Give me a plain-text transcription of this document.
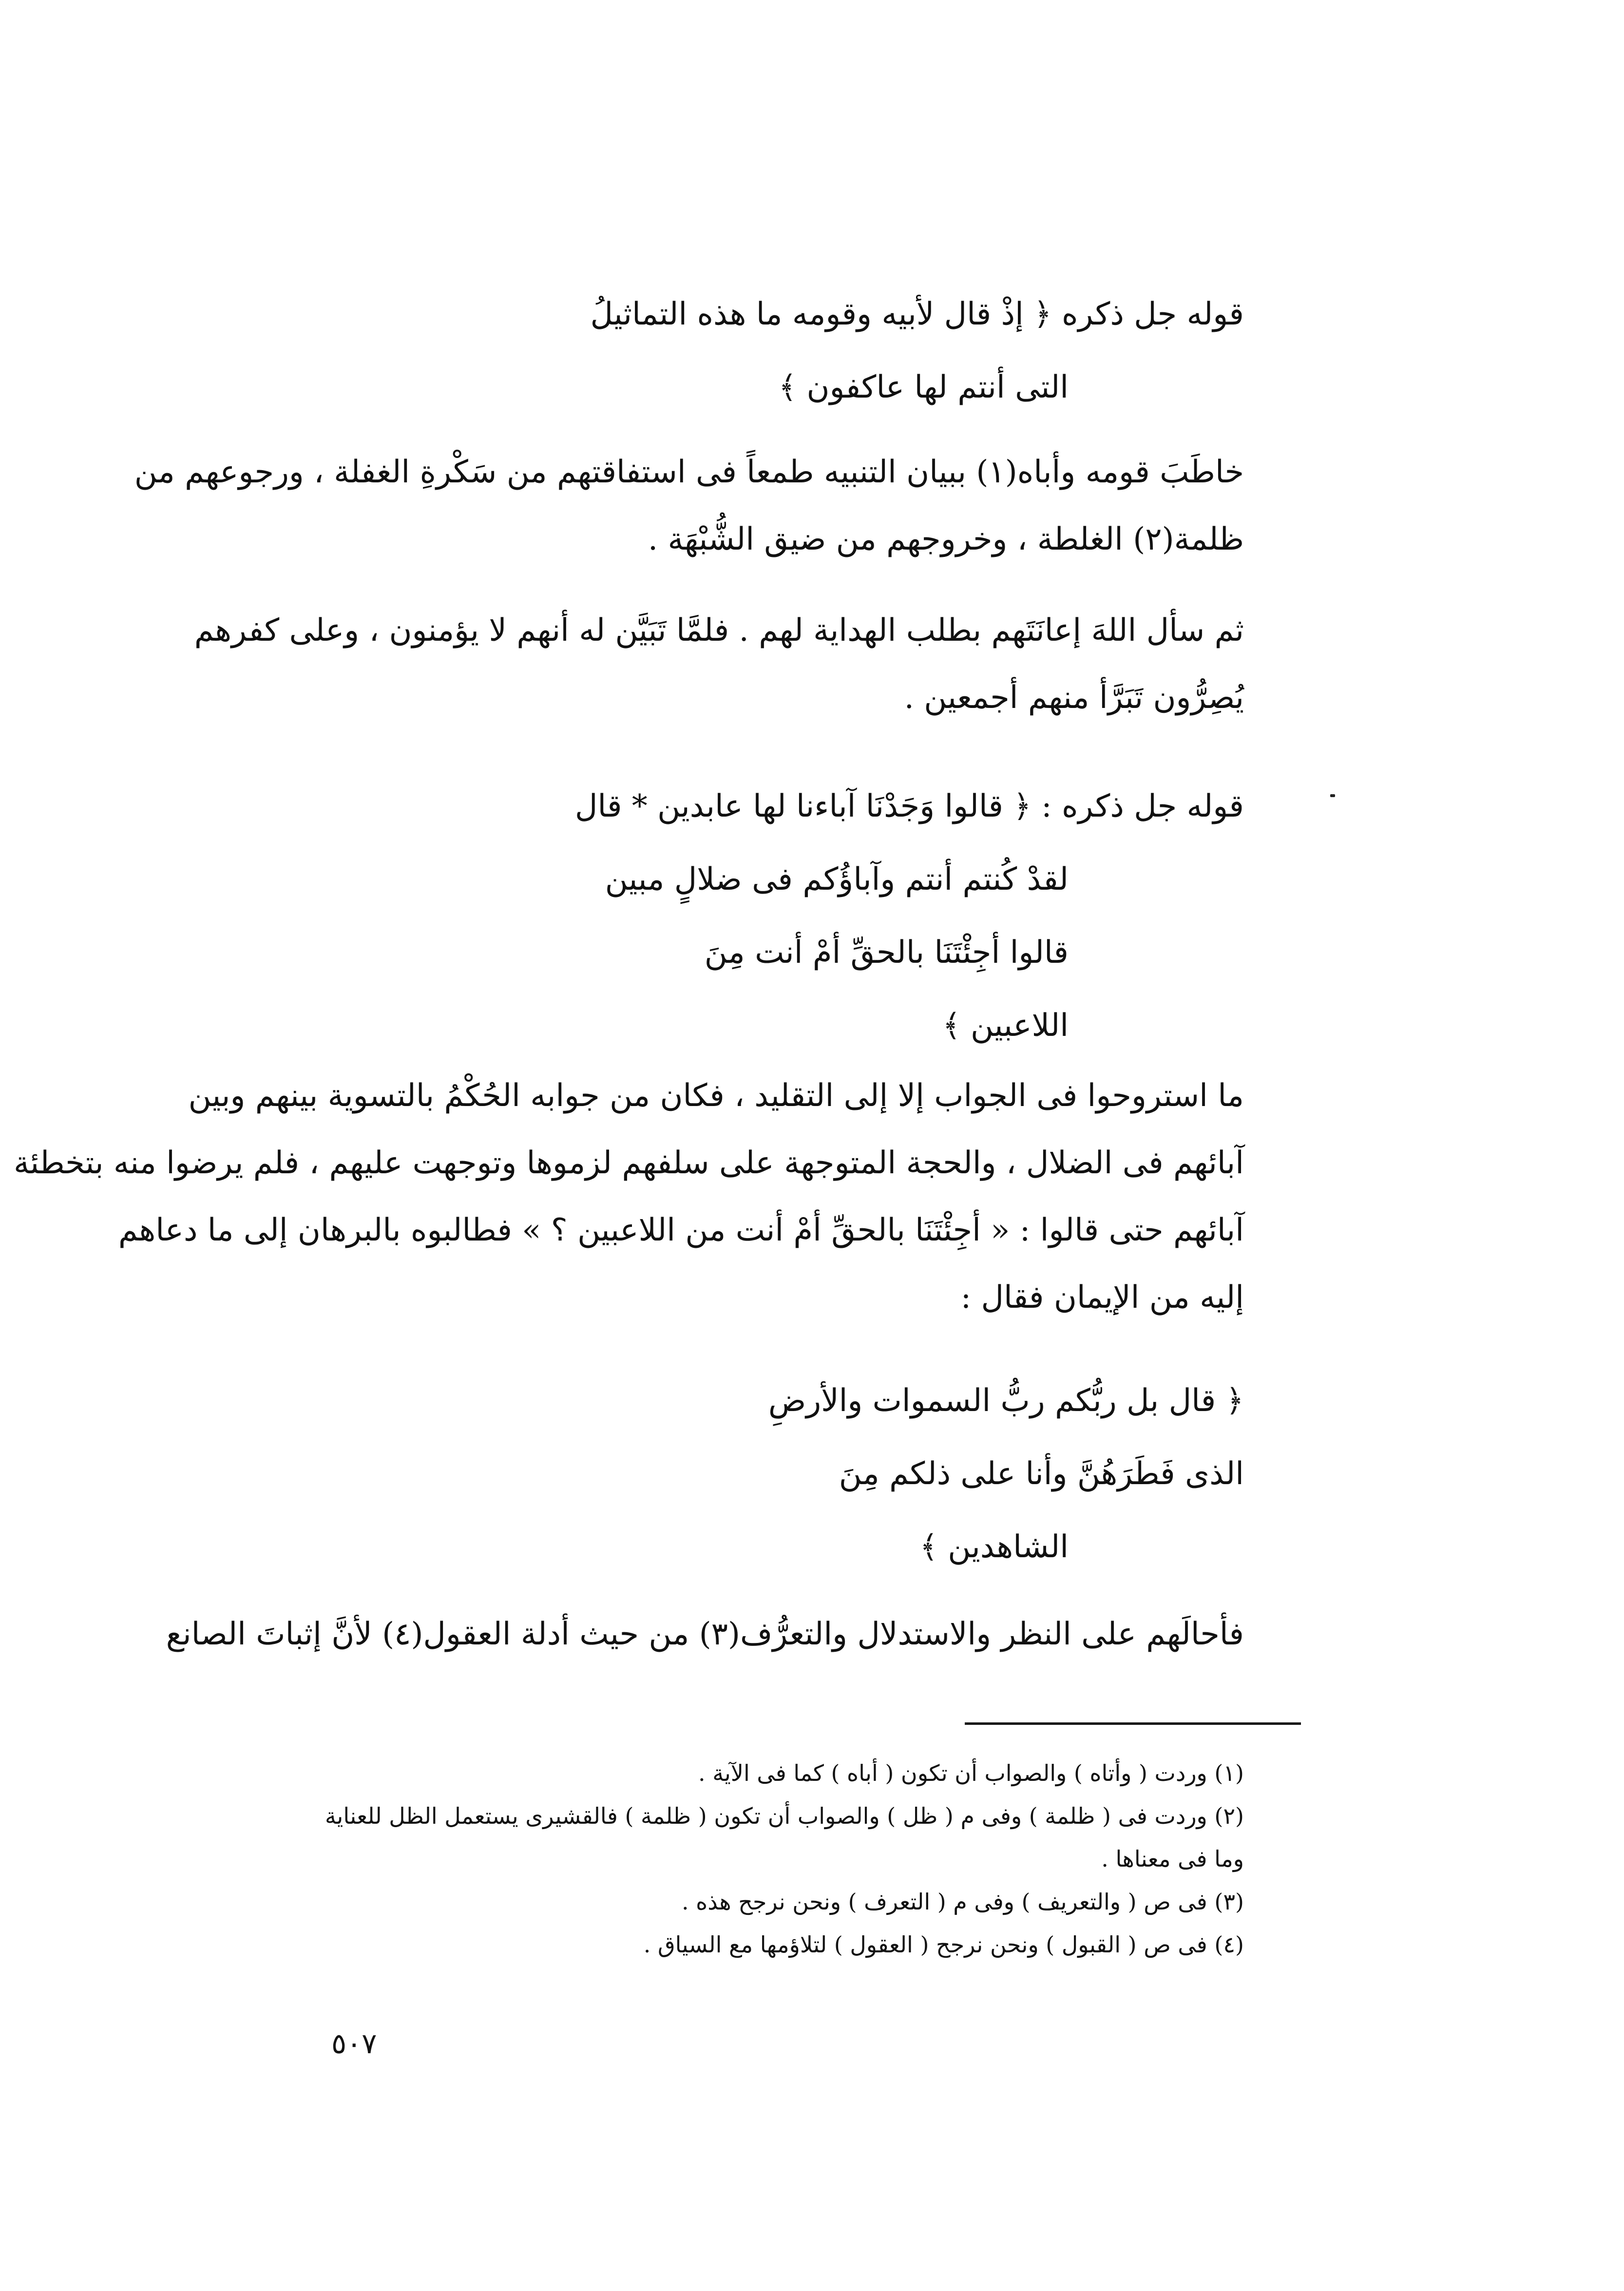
قوله جل ذكره ﴿ إذْ قال لأبيه وقومه ما هذه التماثيلُ
التى أنتم لها عاكفون ﴾
خاطَبَ قومه وأباه(١) ببيان التنبيه طمعاً فى استفاقتهم من سَكْرةِ الغفلة ، ورجوعهم من
ظلمة(٢) الغلطة ، وخروجهم من ضيق الشُّبْهَة .
ثم سأل اللهَ إعانَتَهم بطلب الهداية لهم . فلمَّا تَبَيَّن له أنهم لا يؤمنون ، وعلى كفرهم
يُصِرُّون تَبَرَّأ منهم أجمعين .
قوله جل ذكره : ﴿ قالوا وَجَدْنَا آباءنا لها عابدين * قال
لقدْ كُنتم أنتم وآباؤُكم فى ضلالٍ مبين
قالوا أجِئْتَنَا بالحقِّ أمْ أنت مِنَ
اللاعبين ﴾
ما استروحوا فى الجواب إلا إلى التقليد ، فكان من جوابه الحُكْمُ بالتسوية بينهم وبين
آبائهم فى الضلال ، والحجة المتوجهة على سلفهم لزموها وتوجهت عليهم ، فلم يرضوا منه بتخطئة
آبائهم حتى قالوا : « أجِئْتَنَا بالحقِّ أمْ أنت من اللاعبين ؟ » فطالبوه بالبرهان إلى ما دعاهم
إليه من الإيمان فقال :
﴿ قال بل ربُّكم ربُّ السموات والأرضِ
الذى فَطَرَهُنَّ وأنا على ذلكم مِنَ
الشاهدين ﴾
فأحالَهم على النظر والاستدلال والتعرُّف(٣) من حيث أدلة العقول(٤) لأنَّ إثباتَ الصانع
(١) وردت ( وأتاه ) والصواب أن تكون ( أباه ) كما فى الآية .
(٢) وردت فى ( ظلمة ) وفى م ( ظل ) والصواب أن تكون ( ظلمة ) فالقشيرى يستعمل الظل للعناية
وما فى معناها .
(٣) فى ص ( والتعريف ) وفى م ( التعرف ) ونحن نرجح هذه .
(٤) فى ص ( القبول ) ونحن نرجح ( العقول ) لتلاؤمها مع السياق .
٥٠٧
